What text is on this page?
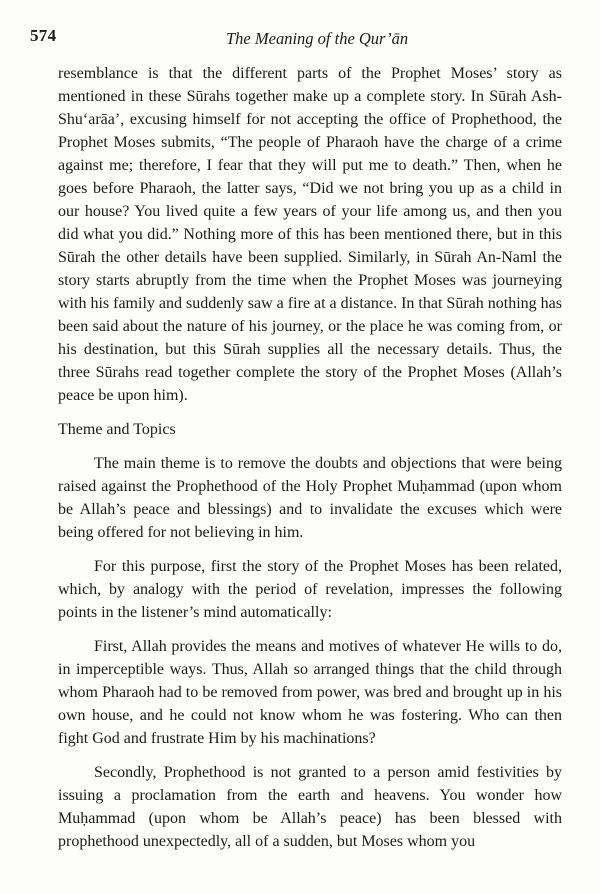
574	The Meaning of the Qur’ān

resemblance is that the different parts of the Prophet Moses’ story as mentioned in these Sūrahs together make up a complete story. In Sūrah Ash-Shu‘arāa’, excusing himself for not accepting the office of Prophethood, the Prophet Moses submits, “The people of Pharaoh have the charge of a crime against me; therefore, I fear that they will put me to death.” Then, when he goes before Pharaoh, the latter says, “Did we not bring you up as a child in our house? You lived quite a few years of your life among us, and then you did what you did.” Nothing more of this has been mentioned there, but in this Sūrah the other details have been supplied. Similarly, in Sūrah An-Naml the story starts abruptly from the time when the Prophet Moses was journeying with his family and suddenly saw a fire at a distance. In that Sūrah nothing has been said about the nature of his journey, or the place he was coming from, or his destination, but this Sūrah supplies all the necessary details. Thus, the three Sūrahs read together complete the story of the Prophet Moses (Allah’s peace be upon him).

Theme and Topics

The main theme is to remove the doubts and objections that were being raised against the Prophethood of the Holy Prophet Muḥammad (upon whom be Allah’s peace and blessings) and to invalidate the excuses which were being offered for not believing in him.

For this purpose, first the story of the Prophet Moses has been related, which, by analogy with the period of revelation, impresses the following points in the listener’s mind automatically:

First, Allah provides the means and motives of whatever He wills to do, in imperceptible ways. Thus, Allah so arranged things that the child through whom Pharaoh had to be removed from power, was bred and brought up in his own house, and he could not know whom he was fostering. Who can then fight God and frustrate Him by his machinations?

Secondly, Prophethood is not granted to a person amid festivities by issuing a proclamation from the earth and heavens. You wonder how Muḥammad (upon whom be Allah’s peace) has been blessed with prophethood unexpectedly, all of a sudden, but Moses whom you
